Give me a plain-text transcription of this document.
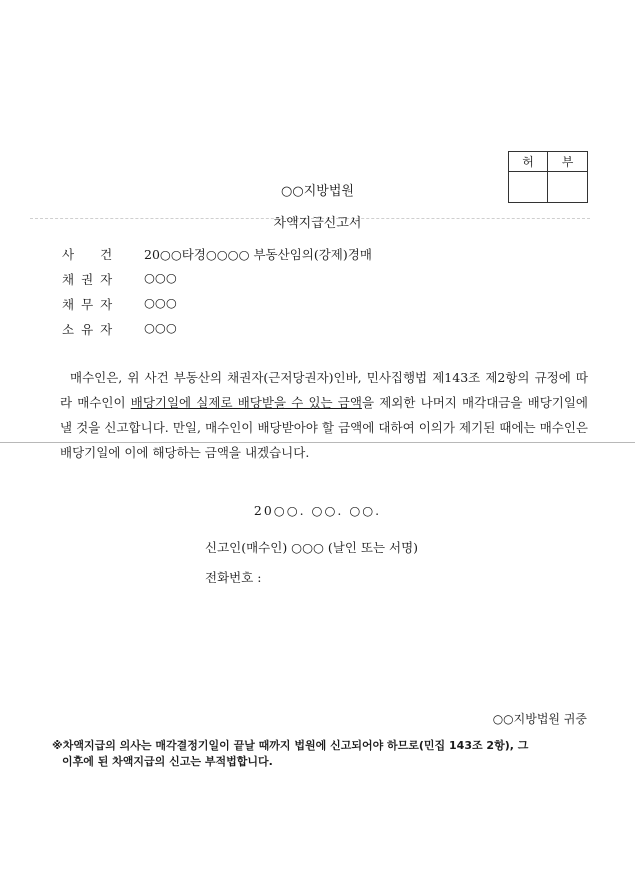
허	부
○○지방법원
차액지급신고서
사건 20○○타경○○○○ 부동산임의(강제)경매
채권자	○○○
채무자	○○○
소유자	○○○

매수인은, 위 사건 부동산의 채권자(근저당권자)인바, 민사집행법 제143조 제2항의 규정에 따라 매수인이 배당기일에 실제로 배당받을 수 있는 금액을 제외한 나머지 매각대금을 배당기일에 낼 것을 신고합니다. 만일, 매수인이 배당받아야 할 금액에 대하여 이의가 제기된 때에는 매수인은 배당기일에 이에 해당하는 금액을 내겠습니다.

20○○. ○○. ○○.
신고인(매수인) ○○○ (날인 또는 서명)
전화번호 :
○○지방법원 귀중
※차액지급의 의사는 매각결정기일이 끝날 때까지 법원에 신고되어야 하므로(민집 143조 2항), 그
이후에 된 차액지급의 신고는 부적법합니다.
